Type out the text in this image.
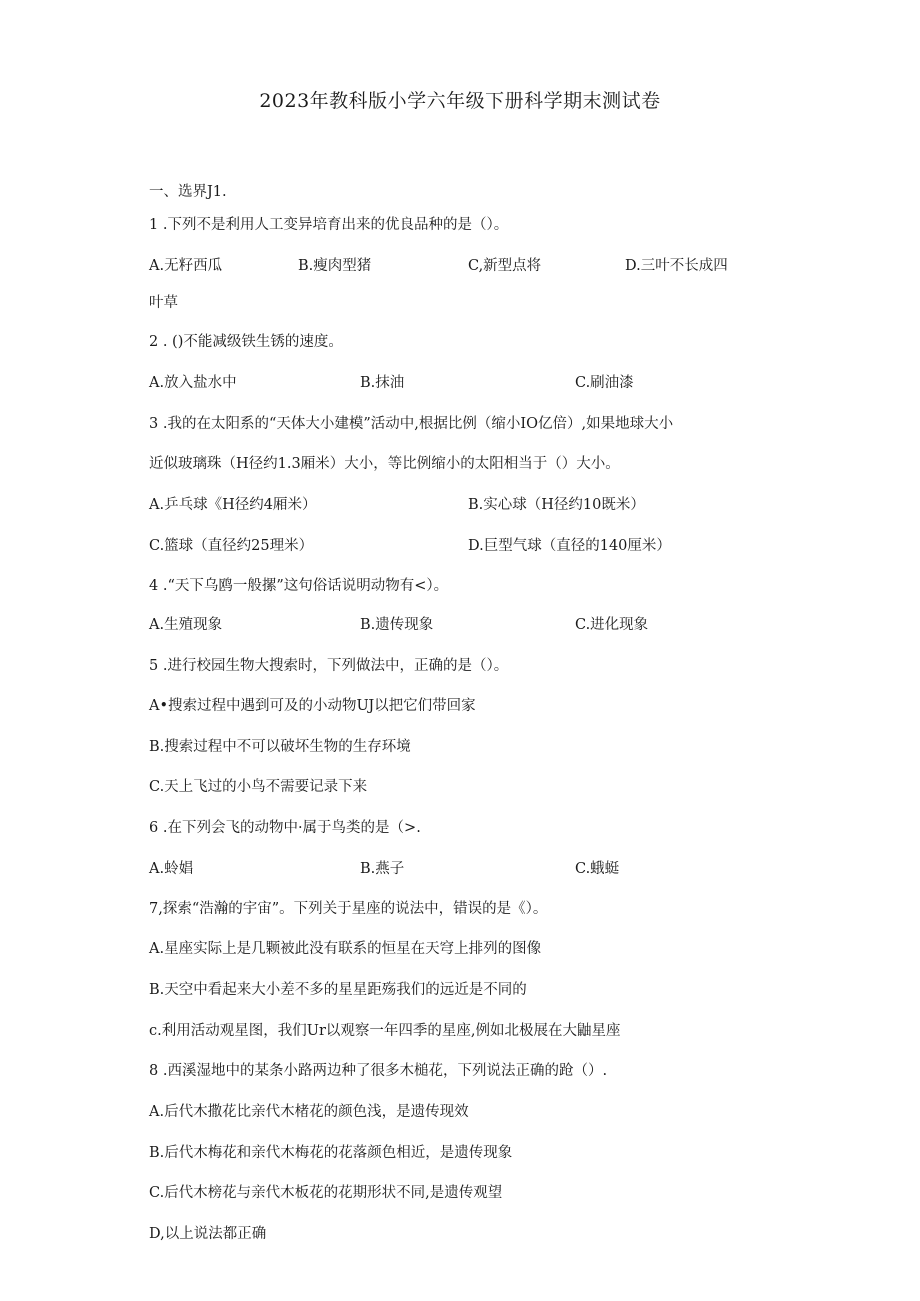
2023年教科版小学六年级下册科学期末测试卷
一、选界J1.
1 .下列不是利用人工变异培育出来的优良品种的是（）。
A.无籽西瓜	B.瘦肉型猪	C,新型点将	D.三叶不长成四
叶草
2 . ()不能减级铁生锈的速度。
A.放入盐水中	B.抹油	C.刷油漆
3 .我的在太阳系的“天体大小建模”活动中,根据比例（缩小IO亿倍）,如果地球大小
近似玻璃珠（H径约1.3厢米）大小，等比例缩小的太阳相当于（）大小。
A.乒乓球《H径约4厢米）	B.实心球（H径约10既米）
C.篮球（直径约25理米）	D.巨型气球（直径的140厘米）
4 .“天下乌鸥一般摞”这句俗话说明动物有<）。
A.生殖现象	B.遗传现象	C.进化现象
5 .进行校园生物大搜索时，下列做法中，正确的是（）。
A•搜索过程中遇到可及的小动物UJ以把它们带回家
B.搜索过程中不可以破坏生物的生存环境
C.天上飞过的小鸟不需要记录下来
6 .在下列会飞的动物中·属于鸟类的是（>.
A.蛉娼	B.燕子	C.蛾蜓
7,探索“浩瀚的宇宙”。下列关于星座的说法中，错误的是《）。
A.星座实际上是几颗被此没有联系的恒星在天穹上排列的图像
B.天空中看起来大小差不多的星星距殇我们的远近是不同的
c.利用活动观星图，我们Ur以观察一年四季的星座,例如北极展在大鼬星座
8 .西溪湿地中的某条小路两边种了很多木槌花，下列说法正确的跄（）.
A.后代木撒花比亲代木楮花的颜色浅，是遗传现效
B.后代木梅花和亲代木梅花的花落颜色相近，是遗传现象
C.后代木榜花与亲代木板花的花期形状不同,是遗传观望
D,以上说法都正确
